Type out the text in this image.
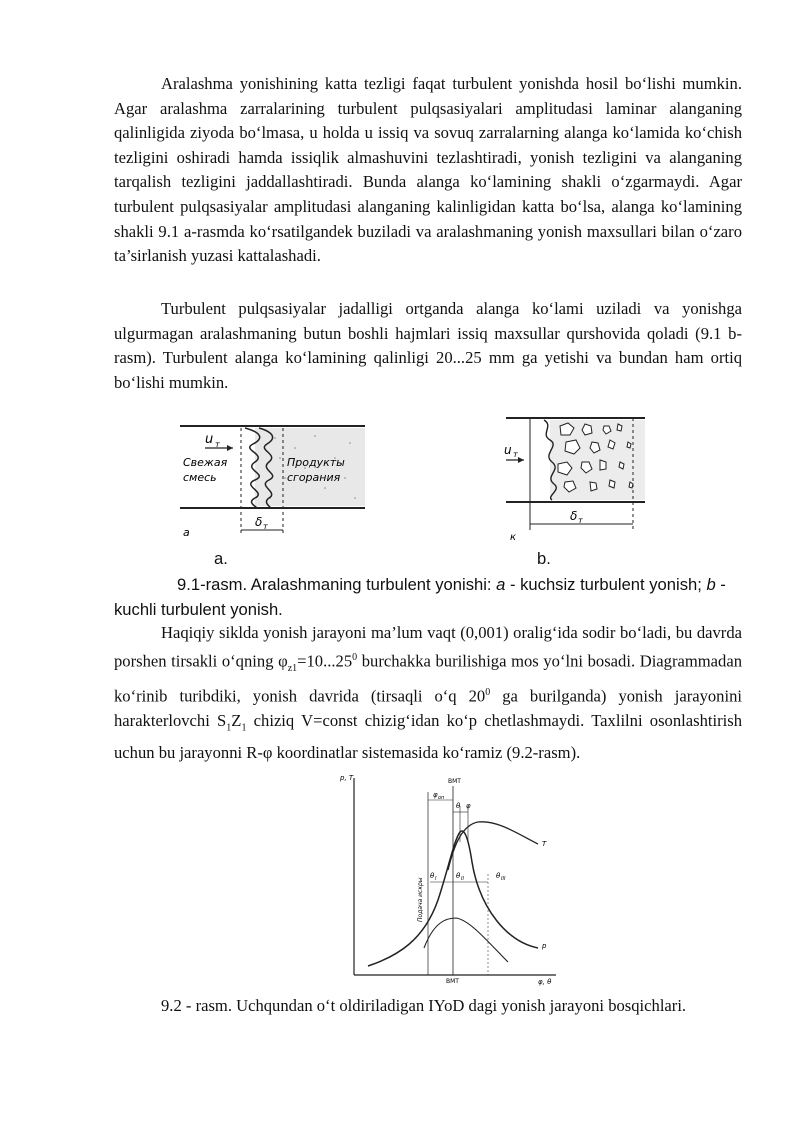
Aralashma yonishining katta tezligi faqat turbulent yonishda hosil bo‘lishi mumkin. Agar aralashma zarralarining turbulent pulqsasiyalari amplitudasi laminar alanganing qalinligida ziyoda bo‘lmasa, u holda u issiq va sovuq zarralarning alanga ko‘lamida ko‘chish tezligini oshiradi hamda issiqlik almashuvini tezlashtiradi, yonish tezligini va alanganing tarqalish tezligini jaddallashtiradi. Bunda alanga ko‘lamining shakli o‘zgarmaydi. Agar turbulent pulqsasiyalar amplitudasi alanganing kalinligidan katta bo‘lsa, alanga ko‘lamining shakli 9.1 a-rasmda ko‘rsatilgandek buziladi va aralashmaning yonish maxsullari bilan o‘zaro ta’sirlanish yuzasi kattalashadi.

Turbulent pulqsasiyalar jadalligi ortganda alanga ko‘lami uziladi va yonishga ulgurmagan aralashmaning butun boshli hajmlari issiq maxsullar qurshovida qoladi (9.1 b-rasm). Turbulent alanga ko‘lamining qalinligi 20...25 mm ga yetishi va bundan ham ortiq bo‘lishi mumkin.

u т
Свежая
смесь
Продукты
сгорания
δ т
a
u т
δ т
к
a.	b.

9.1-rasm. Aralashmaning turbulent yonishi: a - kuchsiz turbulent yonish; b - kuchli turbulent yonish.

Haqiqiy siklda yonish jarayoni ma’lum vaqt (0,001) oralig‘ida sodir bo‘ladi, bu davrda porshen tirsakli o‘qning $\varphi_{z1}=10...25^0$ burchakka burilishiga mos yo‘lni bosadi. Diagrammadan ko‘rinib turibdiki, yonish davrida (tirsaqli o‘q $20^0$ ga burilganda) yonish jarayonini harakterlovchi $S_1Z_1$ chiziq V=const chizig‘idan ko‘p chetlashmaydi. Taxlilni osonlashtirish uchun bu jarayonni R-φ koordinatlar sistemasida ko‘ramiz (9.2-rasm).

p, T
φ, θ
ВМТ
ВМТ
φ оп
θ φ
T
p
θ I	θ II	θ III
Подача искры

9.2 - rasm. Uchqundan o‘t oldiriladigan IYoD dagi yonish jarayoni bosqichlari.
